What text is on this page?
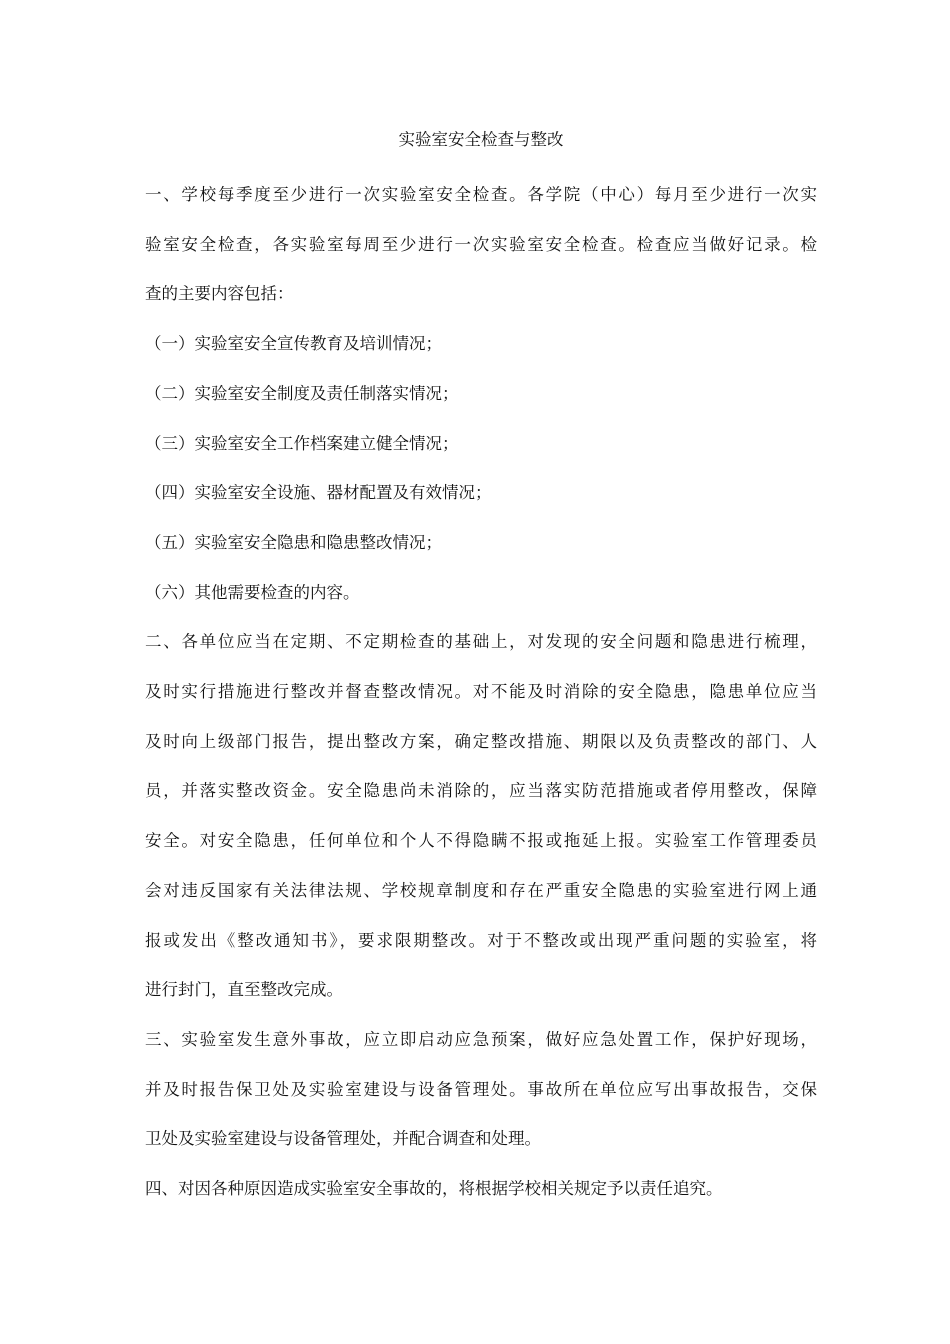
实验室安全检查与整改

一、学校每季度至少进行一次实验室安全检查。各学院（中心）每月至少进行一次实
验室安全检查，各实验室每周至少进行一次实验室安全检查。检查应当做好记录。检
查的主要内容包括：

（一）实验室安全宣传教育及培训情况；

（二）实验室安全制度及责任制落实情况；

（三）实验室安全工作档案建立健全情况；

（四）实验室安全设施、器材配置及有效情况；

（五）实验室安全隐患和隐患整改情况；

（六）其他需要检查的内容。

二、各单位应当在定期、不定期检查的基础上，对发现的安全问题和隐患进行梳理，
及时实行措施进行整改并督查整改情况。对不能及时消除的安全隐患，隐患单位应当
及时向上级部门报告，提出整改方案，确定整改措施、期限以及负责整改的部门、人
员，并落实整改资金。安全隐患尚未消除的，应当落实防范措施或者停用整改，保障
安全。对安全隐患，任何单位和个人不得隐瞒不报或拖延上报。实验室工作管理委员
会对违反国家有关法律法规、学校规章制度和存在严重安全隐患的实验室进行网上通
报或发出《整改通知书》，要求限期整改。对于不整改或出现严重问题的实验室，将
进行封门，直至整改完成。

三、实验室发生意外事故，应立即启动应急预案，做好应急处置工作，保护好现场，
并及时报告保卫处及实验室建设与设备管理处。事故所在单位应写出事故报告，交保
卫处及实验室建设与设备管理处，并配合调查和处理。

四、对因各种原因造成实验室安全事故的，将根据学校相关规定予以责任追究。
